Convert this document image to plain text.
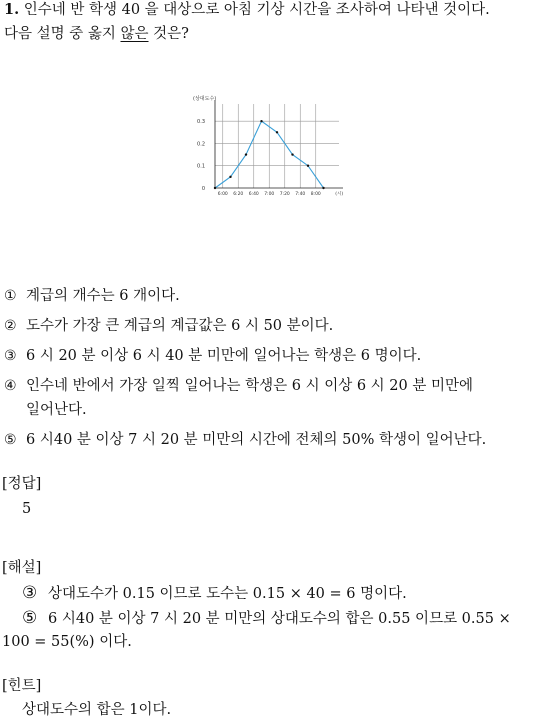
1. 인수네 반 학생 40 을 대상으로 아침 기상 시간을 조사하여 나타낸 것이다.
다음 설명 중 옳지 않은 것은?
0
0.1
0.2
0.3
6:00 6:20 6:40 7:00 7:20 7:40 8:00	(시)
(상대도수)
① 계급의 개수는 6 개이다.
② 도수가 가장 큰 계급의 계급값은 6 시 50 분이다.
③ 6 시 20 분 이상 6 시 40 분 미만에 일어나는 학생은 6 명이다.
④ 인수네 반에서 가장 일찍 일어나는 학생은 6 시 이상 6 시 20 분 미만에
일어난다.
⑤ 6 시40 분 이상 7 시 20 분 미만의 시간에 전체의 50% 학생이 일어난다.
[정답]
5
[해설]
③ 상대도수가 0.15 이므로 도수는 0.15 × 40 = 6 명이다.
⑤ 6 시40 분 이상 7 시 20 분 미만의 상대도수의 합은 0.55 이므로 0.55 ×
100 = 55(%) 이다.
[힌트]
상대도수의 합은 1이다.
